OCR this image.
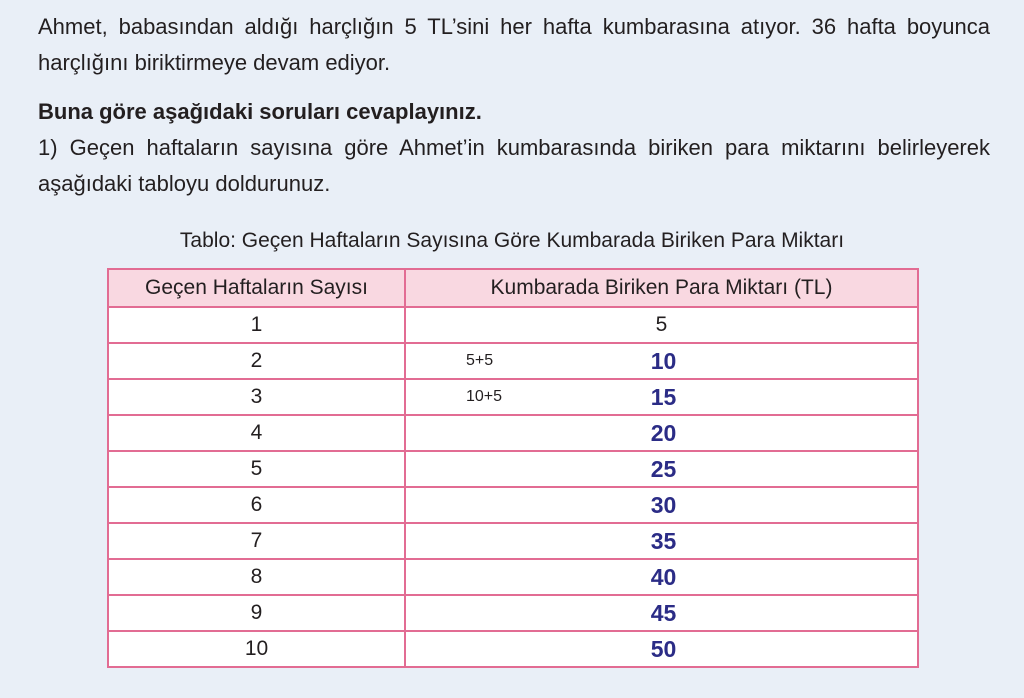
Ahmet, babasından aldığı harçlığın 5 TL’sini her hafta kumbarasına atıyor. 36 hafta boyunca harçlığını biriktirmeye devam ediyor.

Buna göre aşağıdaki soruları cevaplayınız.
1) Geçen haftaların sayısına göre Ahmet’in kumbarasında biriken para miktarını belirleyerek aşağıdaki tabloyu doldurunuz.
Tablo: Geçen Haftaların Sayısına Göre Kumbarada Biriken Para Miktarı
Geçen Haftaların Sayısı	Kumbarada Biriken Para Miktarı (TL)
1	5
2	5+5 10
3	10+5 15
4	20
5	25
6	30
7	35
8	40
9	45
10	50
